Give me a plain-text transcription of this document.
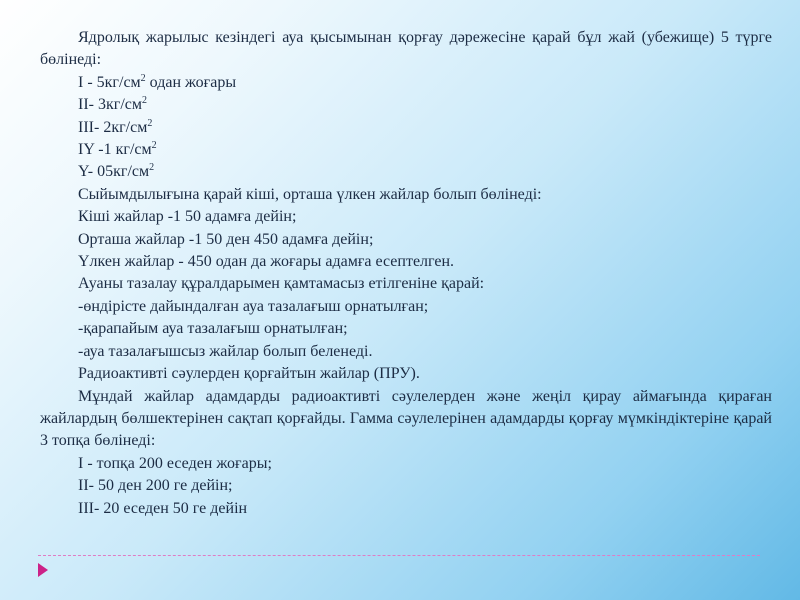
Ядролық жарылыс кезіндегі ауа қысымынан қорғау дәрежесіне қарай бұл жай (убежище) 5 түрге бөлінеді:

I - $5кг/см^2$ одан жоғары

II- $3кг/см^2$

III- $2кг/см^2$

IY -1 $кг/см^2$

Y- $05кг/см^2$

Сыйымдылығына қарай кіші, орташа үлкен жайлар болып бөлінеді:

Кіші жайлар -1 50 адамға дейін;

Орташа жайлар -1 50 ден 450 адамға дейін;

Үлкен жайлар - 450 одан да жоғары адамға есептелген.

Ауаны тазалау құралдарымен қамтамасыз етілгеніне қарай:

-өндірісте дайындалған ауа тазалағыш орнатылған;

-қарапайым ауа тазалағыш орнатылған;

-ауа тазалағышсыз жайлар болып беленеді.

Радиоактивті сәулерден қорғайтын жайлар (ПРУ).

Мұндай жайлар адамдарды радиоактивті сәулелерден және жеңіл қирау аймағында қираған жайлардың бөлшектерінен сақтап қорғайды. Гамма сәулелерінен адамдарды қорғау мүмкіндіктеріне қарай 3 топқа бөлінеді:

I - топқа 200 еседен жоғары;

II- 50 ден 200 ге дейін;

III- 20 еседен 50 ге дейін
